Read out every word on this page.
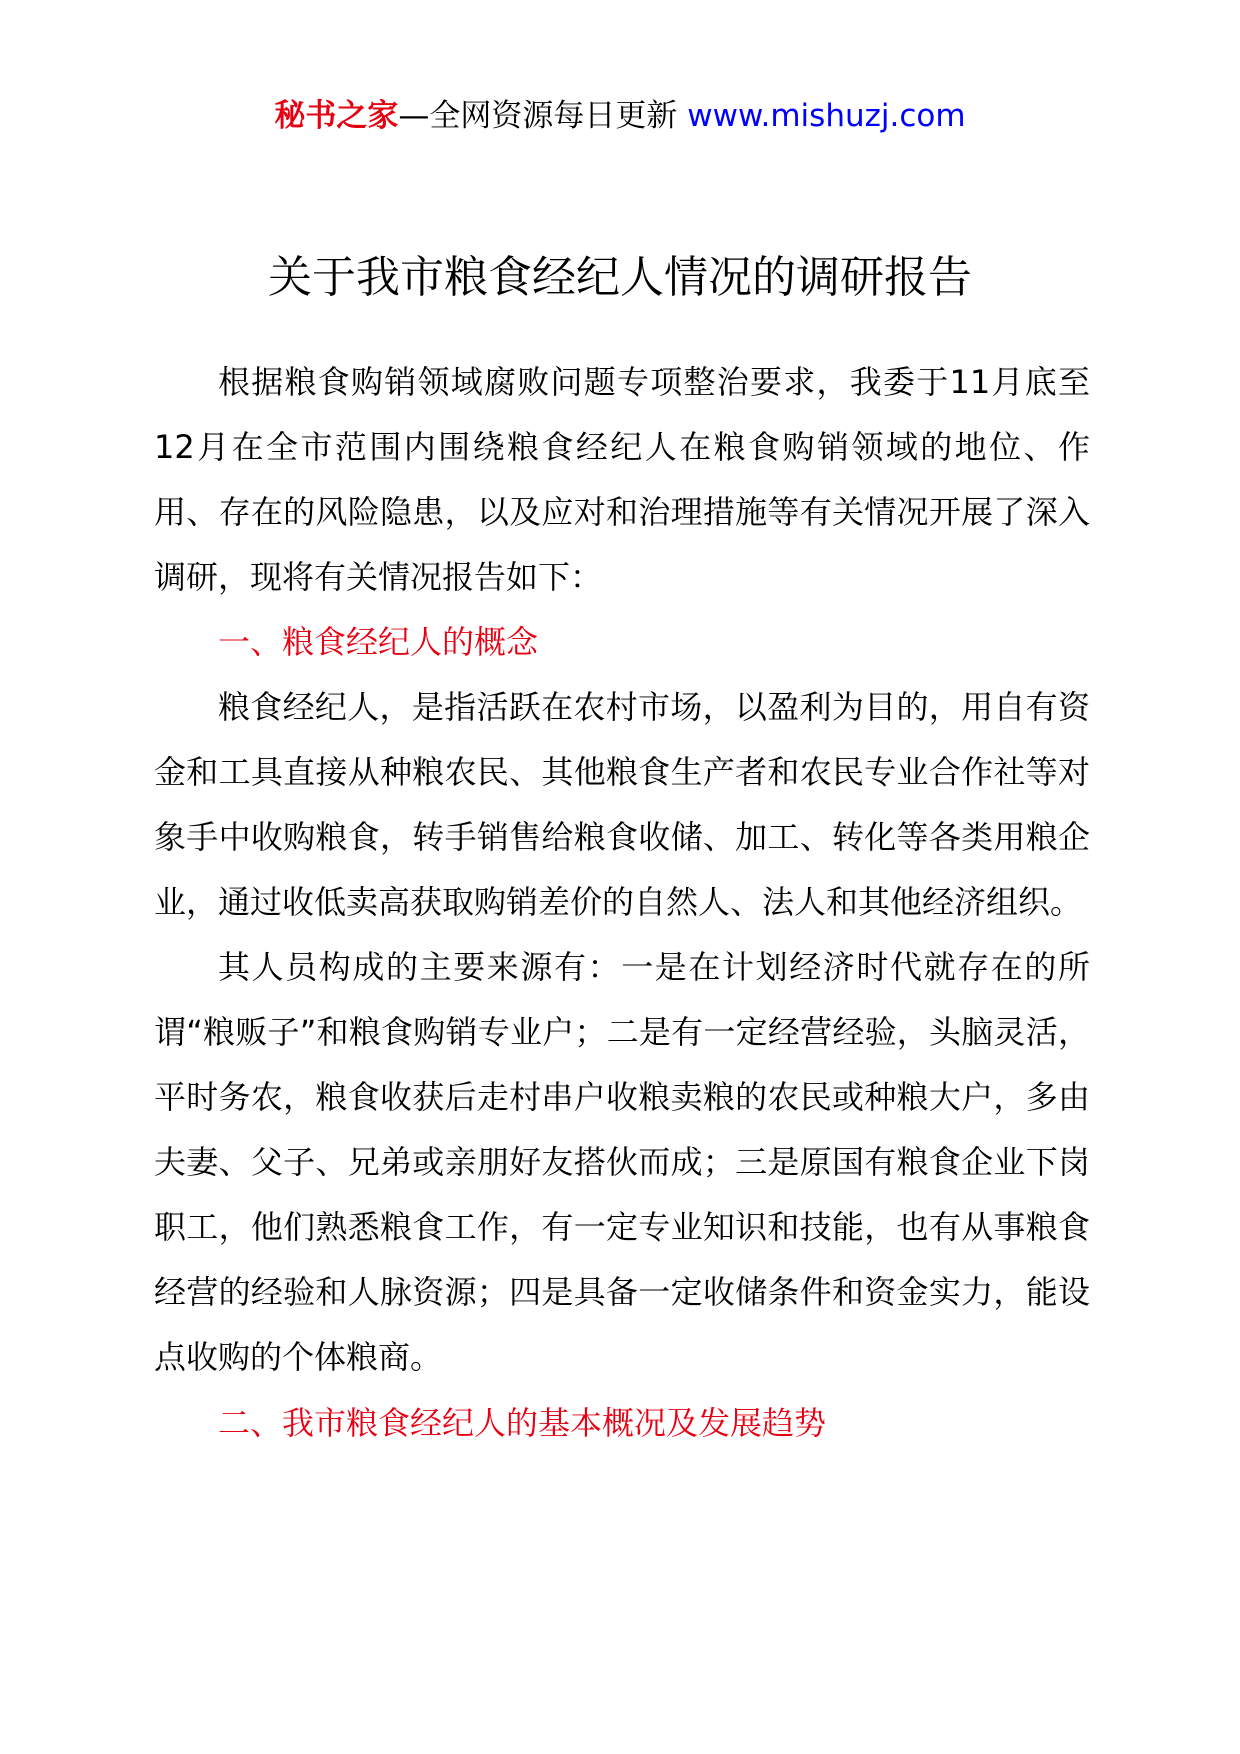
秘书之家—全网资源每日更新 www.mishuzj.com
关于我市粮食经纪人情况的调研报告

根据粮食购销领域腐败问题专项整治要求，我委于11月底至12月在全市范围内围绕粮食经纪人在粮食购销领域的地位、作用、存在的风险隐患，以及应对和治理措施等有关情况开展了深入调研，现将有关情况报告如下：

一、粮食经纪人的概念

粮食经纪人，是指活跃在农村市场，以盈利为目的，用自有资金和工具直接从种粮农民、其他粮食生产者和农民专业合作社等对象手中收购粮食，转手销售给粮食收储、加工、转化等各类用粮企业，通过收低卖高获取购销差价的自然人、法人和其他经济组织。

其人员构成的主要来源有：一是在计划经济时代就存在的所谓“粮贩子”和粮食购销专业户；二是有一定经营经验，头脑灵活，平时务农，粮食收获后走村串户收粮卖粮的农民或种粮大户，多由夫妻、父子、兄弟或亲朋好友搭伙而成；三是原国有粮食企业下岗职工，他们熟悉粮食工作，有一定专业知识和技能，也有从事粮食经营的经验和人脉资源；四是具备一定收储条件和资金实力，能设点收购的个体粮商。

二、我市粮食经纪人的基本概况及发展趋势
